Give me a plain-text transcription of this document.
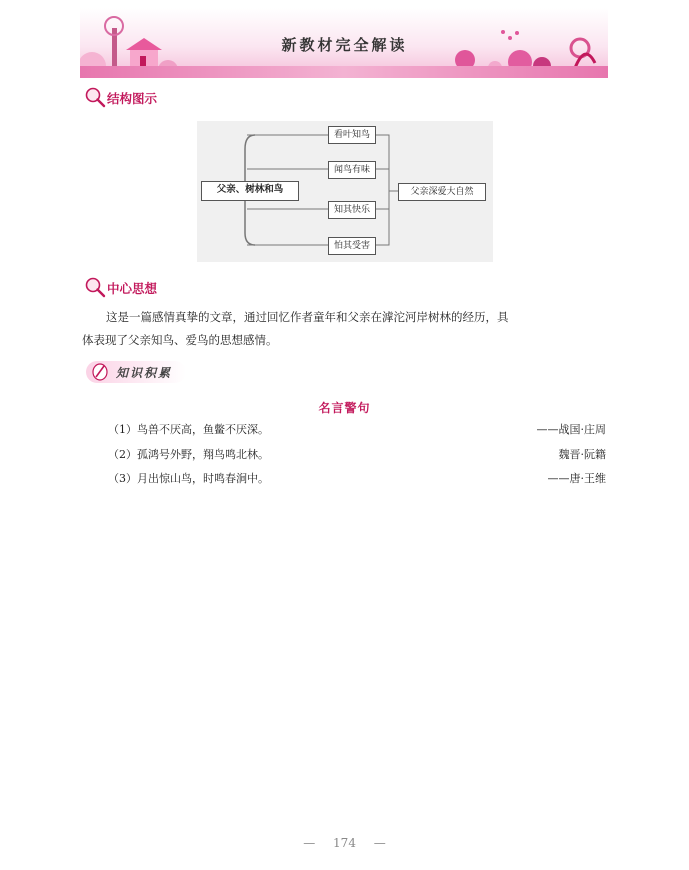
新教材完全解读
结构图示
父亲、树林和鸟
看叶知鸟
闻鸟有味
知其快乐
怕其受害
父亲深爱大自然
中心思想
这是一篇感情真挚的文章，通过回忆作者童年和父亲在滹沱河岸树林的经历，具
体表现了父亲知鸟、爱鸟的思想感情。
知识积累
名言警句
（1）鸟兽不厌高，鱼鳖不厌深。	——战国·庄周
（2）孤鸿号外野，翔鸟鸣北林。	魏晋·阮籍
（3）月出惊山鸟，时鸣春涧中。	——唐·王维
— 174 —
